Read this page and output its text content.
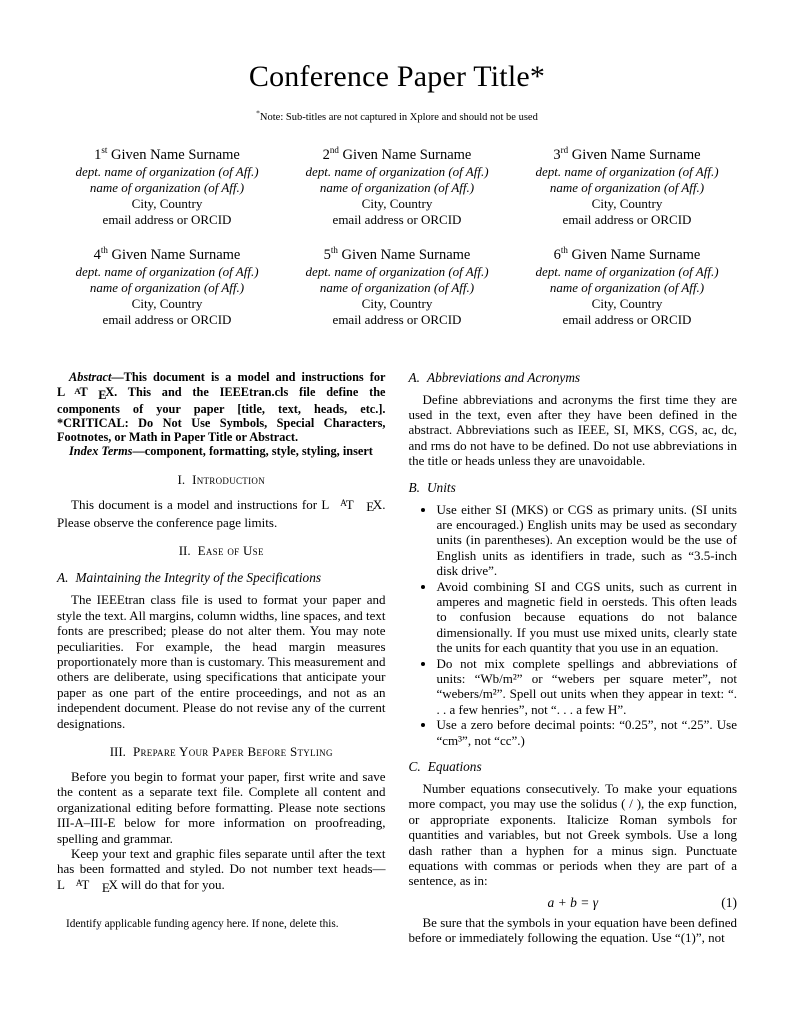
Conference Paper Title*
*Note: Sub-titles are not captured in Xplore and should not be used
1st Given Name Surname
dept. name of organization (of Aff.)
name of organization (of Aff.)
City, Country
email address or ORCID
2nd Given Name Surname
dept. name of organization (of Aff.)
name of organization (of Aff.)
City, Country
email address or ORCID
3rd Given Name Surname
dept. name of organization (of Aff.)
name of organization (of Aff.)
City, Country
email address or ORCID
4th Given Name Surname
dept. name of organization (of Aff.)
name of organization (of Aff.)
City, Country
email address or ORCID
5th Given Name Surname
dept. name of organization (of Aff.)
name of organization (of Aff.)
City, Country
email address or ORCID
6th Given Name Surname
dept. name of organization (of Aff.)
name of organization (of Aff.)
City, Country
email address or ORCID

Abstract—This document is a model and instructions for L AT EX. This and the IEEEtran.cls file define the components of your paper [title, text, heads, etc.]. *CRITICAL: Do Not Use Symbols, Special Characters, Footnotes, or Math in Paper Title or Abstract.

Index Terms—component, formatting, style, styling, insert

I. Introduction

This document is a model and instructions for L AT EX. Please observe the conference page limits.

II. Ease of Use
A. Maintaining the Integrity of the Specifications

The IEEEtran class file is used to format your paper and style the text. All margins, column widths, line spaces, and text fonts are prescribed; please do not alter them. You may note peculiarities. For example, the head margin measures proportionately more than is customary. This measurement and others are deliberate, using specifications that anticipate your paper as one part of the entire proceedings, and not as an independent document. Please do not revise any of the current designations.

III. Prepare Your Paper Before Styling

Before you begin to format your paper, first write and save the content as a separate text file. Complete all content and organizational editing before formatting. Please note sections III-A–III-E below for more information on proofreading, spelling and grammar.

Keep your text and graphic files separate until after the text has been formatted and styled. Do not number text heads—L AT EX will do that for you.

Identify applicable funding agency here. If none, delete this.

A. Abbreviations and Acronyms

Define abbreviations and acronyms the first time they are used in the text, even after they have been defined in the abstract. Abbreviations such as IEEE, SI, MKS, CGS, ac, dc, and rms do not have to be defined. Do not use abbreviations in the title or heads unless they are unavoidable.

B. Units
• Use either SI (MKS) or CGS as primary units. (SI units are encouraged.) English units may be used as secondary units (in parentheses). An exception would be the use of English units as identifiers in trade, such as “3.5-inch disk drive”.
• Avoid combining SI and CGS units, such as current in amperes and magnetic field in oersteds. This often leads to confusion because equations do not balance dimensionally. If you must use mixed units, clearly state the units for each quantity that you use in an equation.
• Do not mix complete spellings and abbreviations of units: “Wb/m²” or “webers per square meter”, not “webers/m²”. Spell out units when they appear in text: “. . . a few henries”, not “. . . a few H”.
• Use a zero before decimal points: “0.25”, not “.25”. Use “cm³”, not “cc”.)
C. Equations

Number equations consecutively. To make your equations more compact, you may use the solidus ( / ), the exp function, or appropriate exponents. Italicize Roman symbols for quantities and variables, but not Greek symbols. Use a long dash rather than a hyphen for a minus sign. Punctuate equations with commas or periods when they are part of a sentence, as in:

a + b = γ	(1)

Be sure that the symbols in your equation have been defined before or immediately following the equation. Use “(1)”, not
